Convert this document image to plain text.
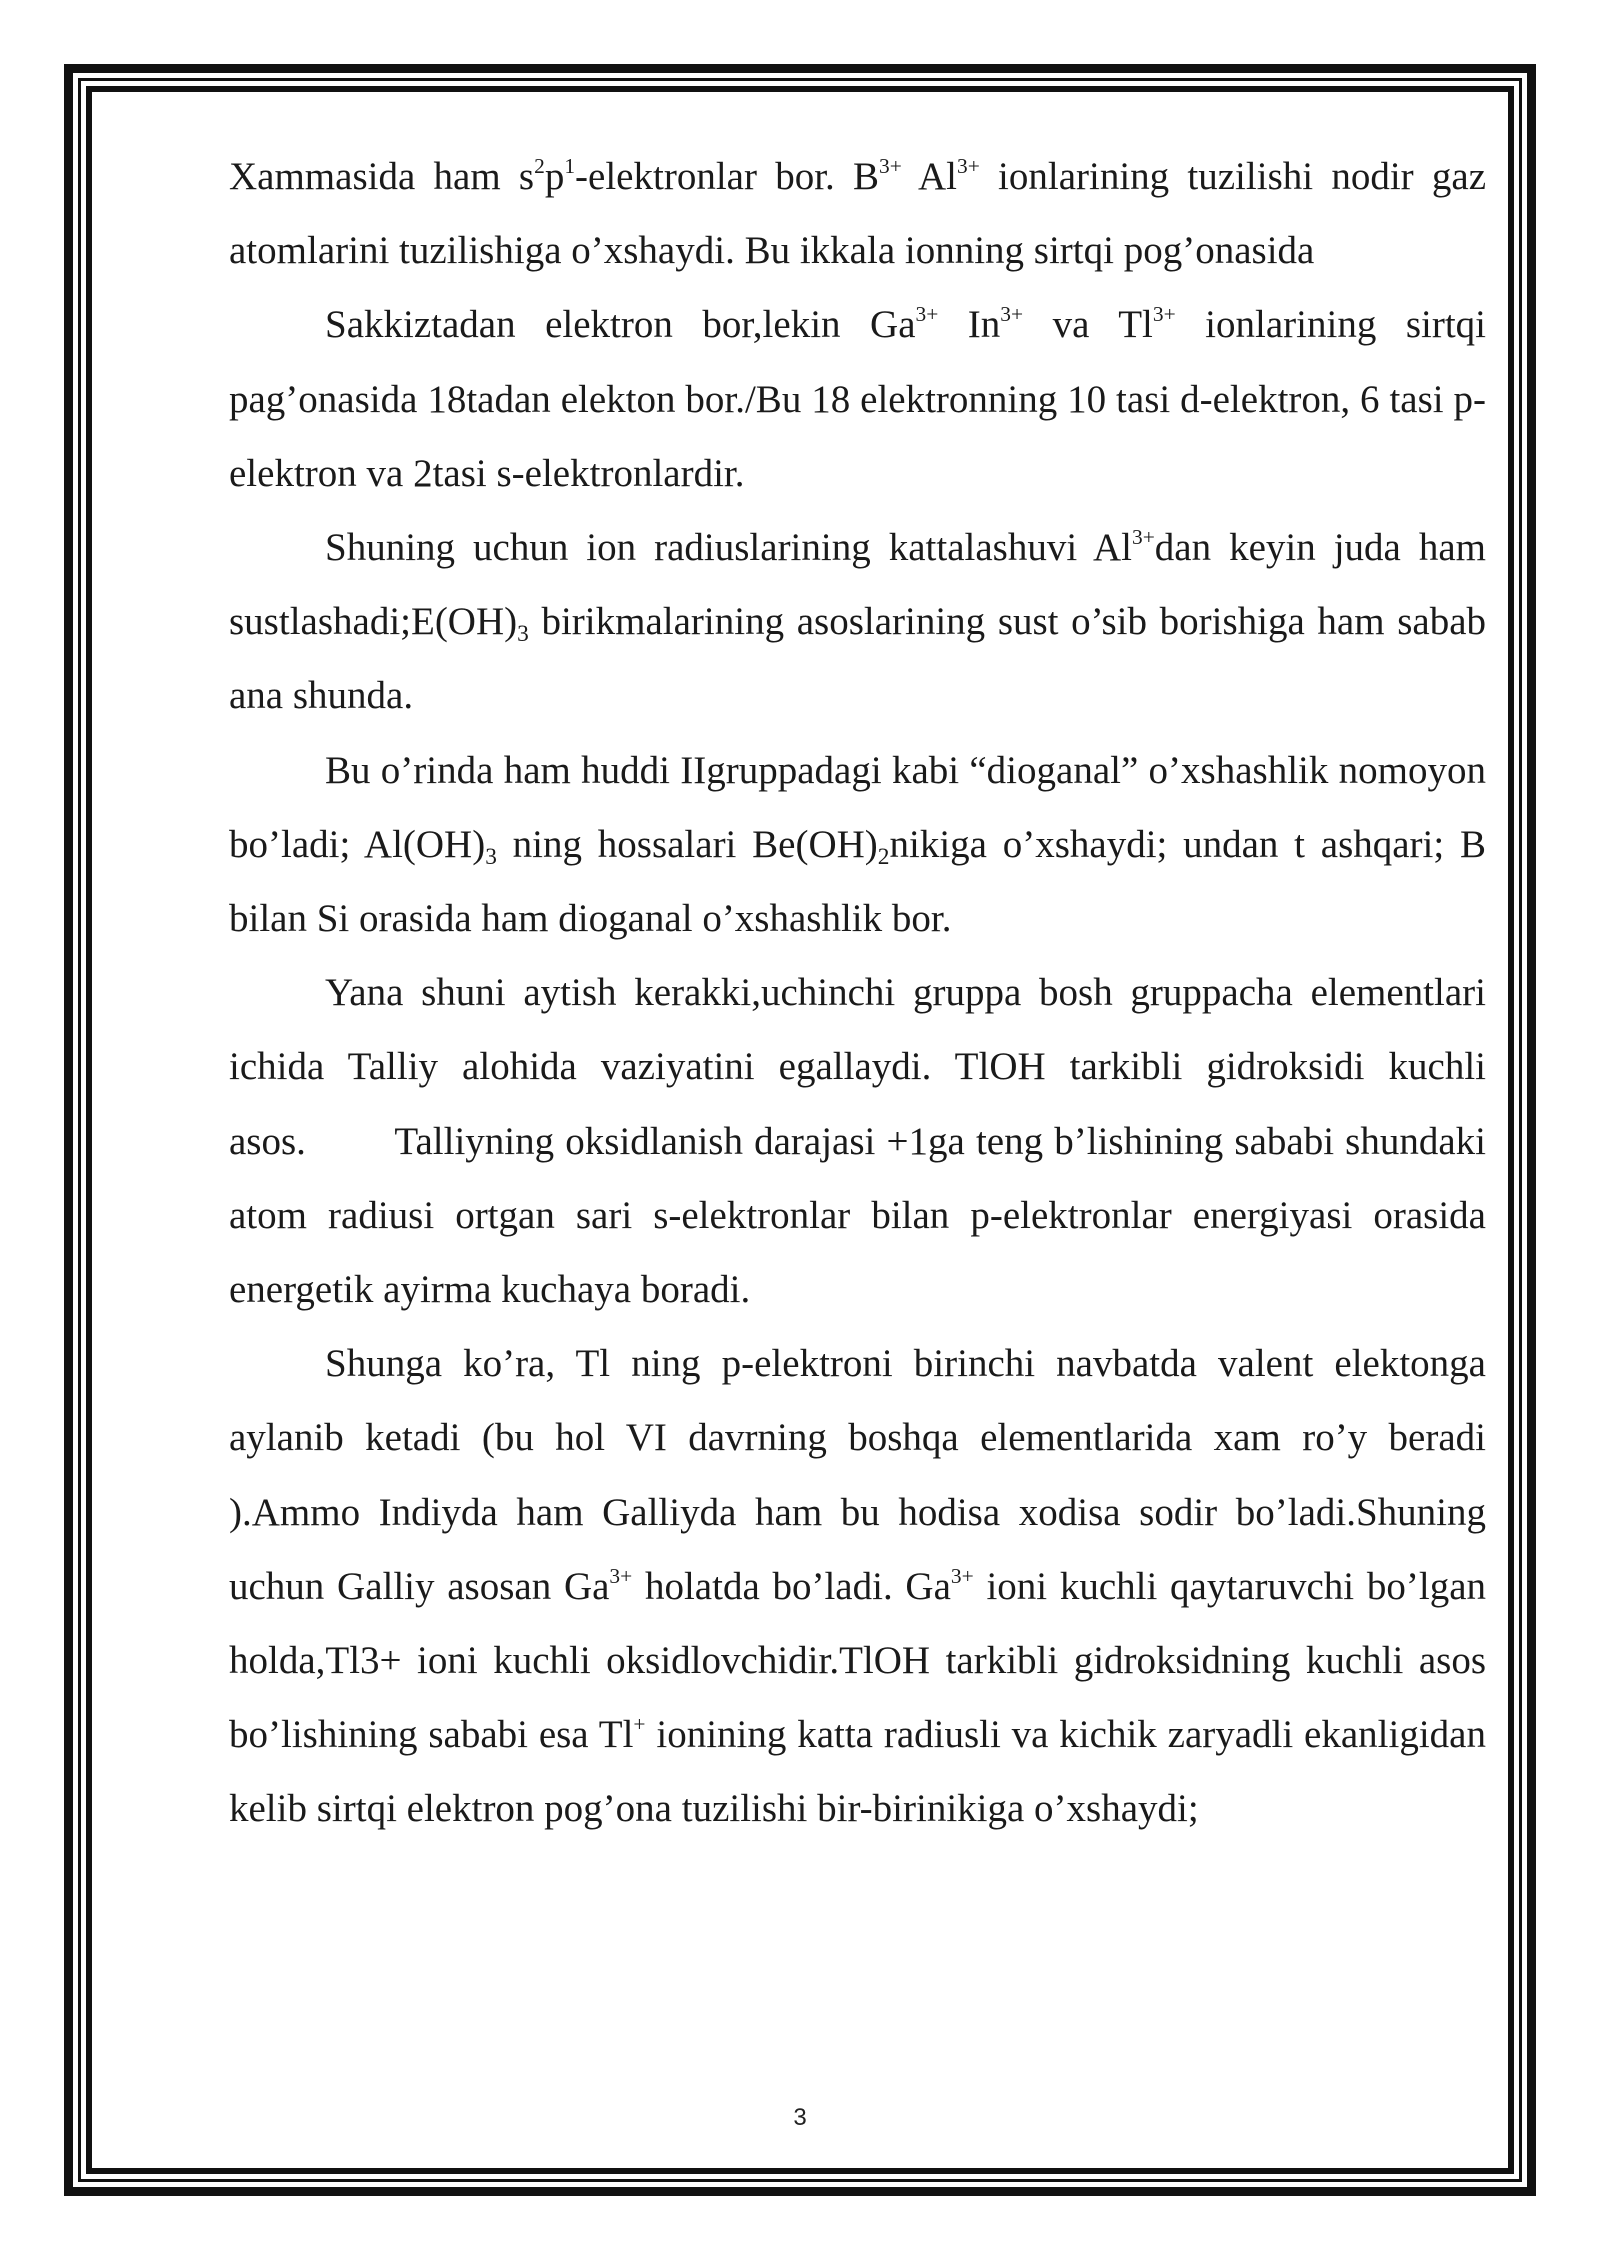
Xammasida ham $s^2p^1$-elektronlar bor. $B^{3+}$ $Al^{3+}$ ionlarining tuzilishi nodir gaz atomlarini tuzilishiga o’xshaydi. Bu ikkala ionning sirtqi pog’onasida

Sakkiztadan elektron bor,lekin $Ga^{3+}$ $In^{3+}$ va $Tl^{3+}$ ionlarining sirtqi pag’onasida 18tadan elekton bor./Bu 18 elektronning 10 tasi d-elektron, 6 tasi p-elektron va 2tasi s-elektronlardir.

Shuning uchun ion radiuslarining kattalashuvi $Al^{3+}dan$ keyin juda ham $sustlashadi;E(OH)_3$ birikmalarining asoslarining sust o’sib borishiga ham sabab ana shunda.

Bu o’rinda ham huddi IIgruppadagi kabi “dioganal” o’xshashlik nomoyon bo’ladi; $Al(OH)_3$ ning hossalari $Be(OH)_2nikiga$ o’xshaydi; undan t ashqari; B bilan Si orasida ham dioganal o’xshashlik bor.

Yana shuni aytish kerakki,uchinchi gruppa bosh gruppacha elementlari ichida Talliy alohida vaziyatini egallaydi. TlOH tarkibli gidroksidi kuchli asos. Talliyning oksidlanish darajasi +1ga teng b’lishining sababi shundaki atom radiusi ortgan sari s-elektronlar bilan p-elektronlar energiyasi orasida energetik ayirma kuchaya boradi.

Shunga ko’ra, Tl ning p-elektroni birinchi navbatda valent elektonga aylanib ketadi (bu hol VI davrning boshqa elementlarida xam ro’y beradi ).Ammo Indiyda ham Galliyda ham bu hodisa xodisa sodir bo’ladi.Shuning uchun Galliy asosan $Ga^{3+}$ holatda bo’ladi. $Ga^{3+}$ ioni kuchli qaytaruvchi bo’lgan holda,Tl3+ ioni kuchli oksidlovchidir.TlOH tarkibli gidroksidning kuchli asos bo’lishining sababi esa Tl+ ionining katta radiusli va kichik zaryadli ekanligidan kelib sirtqi elektron pog’ona tuzilishi bir-birinikiga o’xshaydi;

3
